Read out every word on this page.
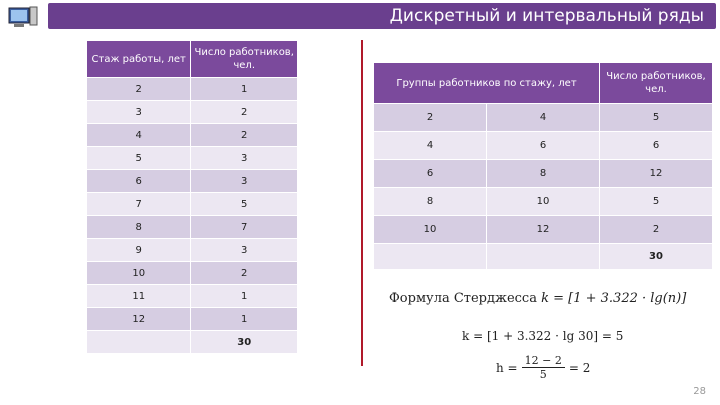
Дискретный и интервальный ряды
Стаж работы, лет	Число работников, чел.
2	1
3	2
4	2
5	3
6	3
7	5
8	7
9	3
10	2
11	1
12	1
	30
Группы работников по стажу, лет		Число работников, чел.
2	4	5
4	6	6
6	8	12
8	10	5
10	12	2
		30
Формула Стерджесса k = [1 + 3.322 · lg(n)]
k = [1 + 3.322 · lg 30] = 5
$h = \frac{12 - 2}{5} = 2$
28
